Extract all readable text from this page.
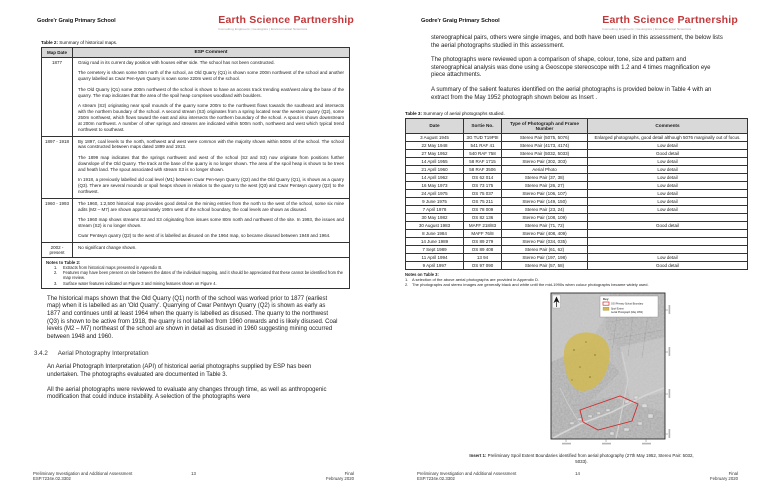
Godre'r Graig Primary School	Earth Science Partnership
Consulting Engineers | Geologists | Environmental Scientists

Table 2: Summary of historical maps.

Map Date	ESP Comment
1877	Graig road in its current day position with houses either side. The school has not been constructed.

The cemetery is shown some 50m north of the school, an Old Quarry (Q1) is shown some 200m northwest of the school and another quarry labelled as Cwar Pen-tywn Quarry is sown some 220m west of the school.

The Old Quarry (Q1) some 200m northwest of the school is shown to have an access track trending east/west along the base of the quarry. The map indicates that the area of the spoil heap comprises woodland with boulders.

A stream (S2) originating near spoil mounds of the quarry some 200m to the northwest flows towards the southeast and intersects with the northern boundary of the school. A second stream (S3) originates from a spring located near the western quarry (Q2), some 250m northwest, which flows toward the east and also intersects the northern boundary of the school. A spout is shown downstream at 200m northwest. A number of other springs and streams are indicated within 500m north, northwest and west which typical trend northwest to southeast.

1897 - 1918	By 1897, coal levels to the north, northwest and west were common with the majority shown within 500m of the school. The school was constructed between maps dated 1899 and 1913.

The 1899 map indicates that the springs northwest and west of the school (S2 and S3) now originate from positions further downslope of the Old Quarry. The track at the base of the quarry is no longer shown. The area of the spoil heap is shown to be trees and heath land. The spout associated with stream S3 is no longer shown.

In 1918, a previously labelled old coal level (M1) between Cwar Pen-twyn Quarry (Q2) and the Old Quarry (Q1), is shown as a quarry (Q3). There are several mounds or spoil heaps shown in relation to the quarry to the west (Q3) and Cwar Pentwyn quarry (Q2) to the northwest.

1960 - 1993	The 1960, 1:2,500 historical map provides good detail on the mining entries from the north to the west of the school, some six mine adits (M2 – M7) are shown approximately 190m west of the school boundary, the coal levels are shown as disused.

The 1960 map shows streams S2 and S3 originating from issues some 80m north and northwest of the site. In 1993, the issues and stream (S2) is no longer shown.

Cwar Pentwyn quarry (Q2) to the west of is labelled as disused on the 1964 map, so became disused between 1948 and 1964.

2002 - present	No significant change shown.

Notes to Table 2:
1.	Extracts from historical maps presented in Appendix B.
2.	Features may have been present on site between the dates of the individual mapping, and it should be appreciated that these cannot be identified from the map review.
3.	Surface water features indicated on Figure 3 and mining features shown on Figure 4.

The historical maps shown that the Old Quarry (Q1) north of the school was worked prior to 1877 (earliest map) when it is labelled as an 'Old Quarry'. Quarrying of Cwar Pentwyn Quarry (Q2) is shown as early as 1877 and continues until at least 1964 when the quarry is labelled as disused. The quarry to the northwest (Q3) is shown to be active from 1918, the quarry is not labelled from 1960 onwards and is likely disused. Coal levels (M2 – M7) northeast of the school are shown in detail as disused in 1960 suggesting mining occurred between 1948 and 1960.

3.4.2 Aerial Photography Interpretation

An Aerial Photograph Interpretation (API) of historical aerial photographs supplied by ESP has been undertaken. The photographs evaluated are documented in Table 3.

All the aerial photographs were reviewed to evaluate any changes through time, as well as anthropogenic modification that could induce instability. A selection of the photographs were

Preliminary Investigation and Additional Assessment
ESP.7234e.02.3302
13	Final
February 2020
Godre'r Graig Primary School	Earth Science Partnership
Consulting Engineers | Geologists | Environmental Scientists

stereographical pairs, others were single images, and both have been used in this assessment, the below lists the aerial photographs studied in this assessment.

The photographs were reviewed upon a comparison of shape, colour, tone, size and pattern and stereographical analysis was done using a Geoscope stereoscope with 1.2 and 4 times magnification eye piece attachments.

A summary of the salient features identified on the aerial photographs is provided below in Table 4 with an extract from the May 1952 photograph shown below as Insert .

Table 3: Summary of aerial photographs studied.

Date	Sortie No.	Type of Photograph and Frame Number	Comments
3 August 1945	3G TUD T19PtII	Stereo Pair (5075, 5076)	Enlarged photographs, good detail although 5076 marginally out of focus.
22 May 1948	541 RAF 41	Stereo Pair (4173, 4174)	Low detail
27 May 1952	540 RAF 758	Stereo Pair (5032, 5033)	Good detail
14 April 1955	58 RAF 1715	Stereo Pair (302, 303)	Low detail
21 April 1960	58 RAF 3506	Aerial Photo	Low detail
14 April 1962	OS 62 014	Stereo Pair (37, 38)	Low detail
16 May 1973	OS 73 175	Stereo Pair (26, 27)	Low detail
24 April 1975	OS 75 037	Stereo Pair (106, 107)	Low detail
9 June 1975	OS 75 211	Stereo Pair (149, 150)	Low detail
7 April 1978	OS 78 009	Stereo Pair (23, 24)	Low detail
30 May 1982	OS 82 136	Stereo Pair (108, 109)	
30 August 1983	MAFF 218/83	Stereo Pair (71, 72)	Good detail
8 June 1984	MAFF 76/8	Stereo Pair (408, 409)	
14 June 1989	OS 89 279	Stereo Pair (034, 035)	
7 Sept 1989	OS 89 408	Stereo Pair (61, 62)	
11 April 1994	13 94	Stereo Pair (197, 198)	Low detail
9 April 1997	OS 97 090	Stereo Pair (57, 58)	Good detail
Notes on Table 3:
1. A selection of the above aerial photographs are provided in Appendix D.
2. The photographs and stereo images are generally black and white until the mid-1990s when colour photographs became widely used.
Key
GGI Primary School Boundary
Spoil Extent
Aerial Photograph (May 1952)

Insert 1: Preliminary Spoil Extent Boundaries identified from aerial photography (27th May 1952, Stereo Pair: 5032, 5033).

Preliminary Investigation and Additional Assessment
ESP.7234e.02.3302
14	Final
February 2020
